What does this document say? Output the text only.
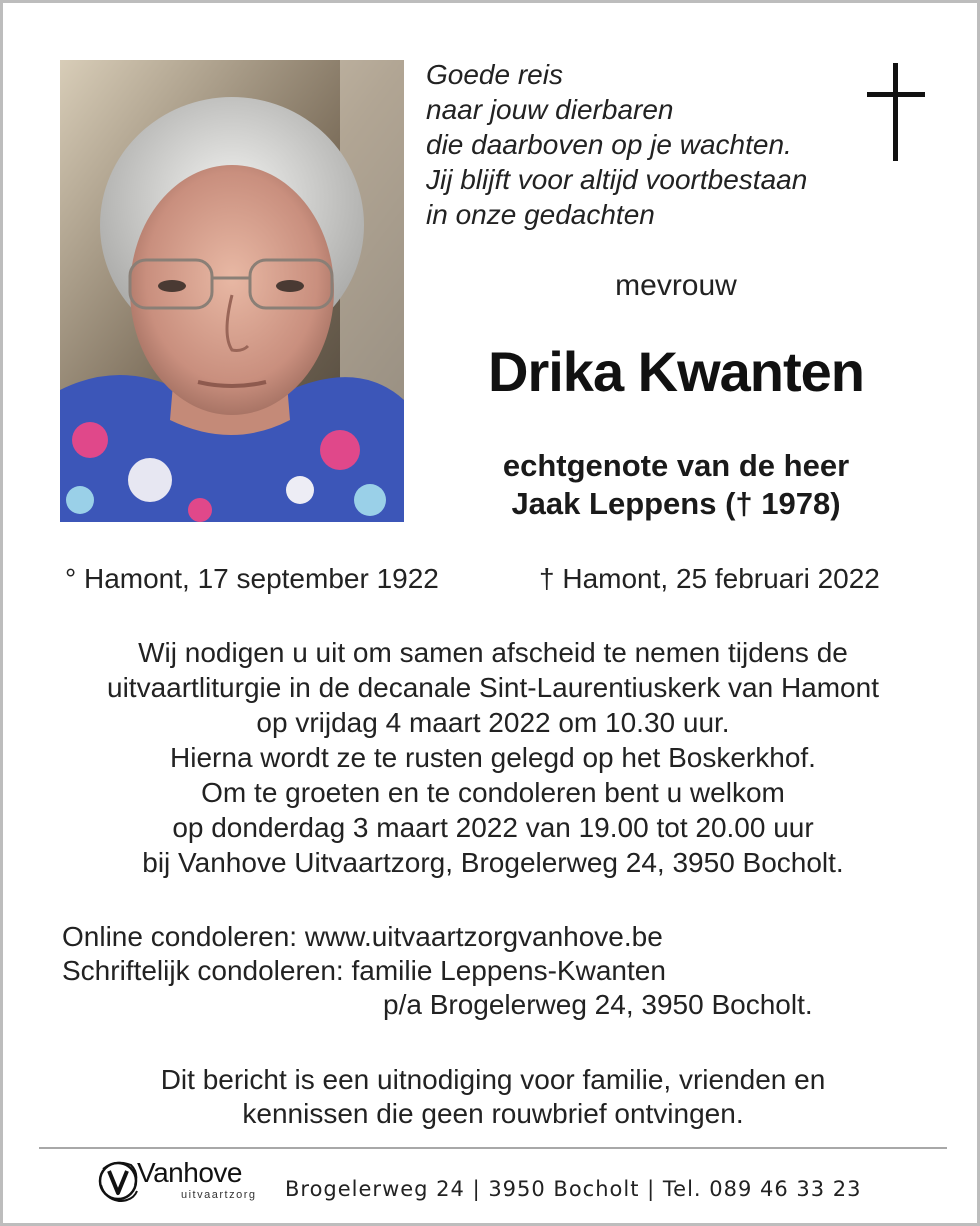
Goede reis
naar jouw dierbaren
die daarboven op je wachten.
Jij blijft voor altijd voortbestaan
in onze gedachten
mevrouw
Drika Kwanten
echtgenote van de heer
Jaak Leppens († 1978)
° Hamont, 17 september 1922	† Hamont, 25 februari 2022
Wij nodigen u uit om samen afscheid te nemen tijdens de
uitvaartliturgie in de decanale Sint-Laurentiuskerk van Hamont
op vrijdag 4 maart 2022 om 10.30 uur.
Hierna wordt ze te rusten gelegd op het Boskerkhof.
Om te groeten en te condoleren bent u welkom
op donderdag 3 maart 2022 van 19.00 tot 20.00 uur
bij Vanhove Uitvaartzorg, Brogelerweg 24, 3950 Bocholt.
Online condoleren: www.uitvaartzorgvanhove.be
Schriftelijk condoleren: familie Leppens-Kwanten
p/a Brogelerweg 24, 3950 Bocholt.
Dit bericht is een uitnodiging voor familie, vrienden en
kennissen die geen rouwbrief ontvingen.
Vanhove
uitvaartzorg Brogelerweg 24 | 3950 Bocholt | Tel. 089 46 33 23
